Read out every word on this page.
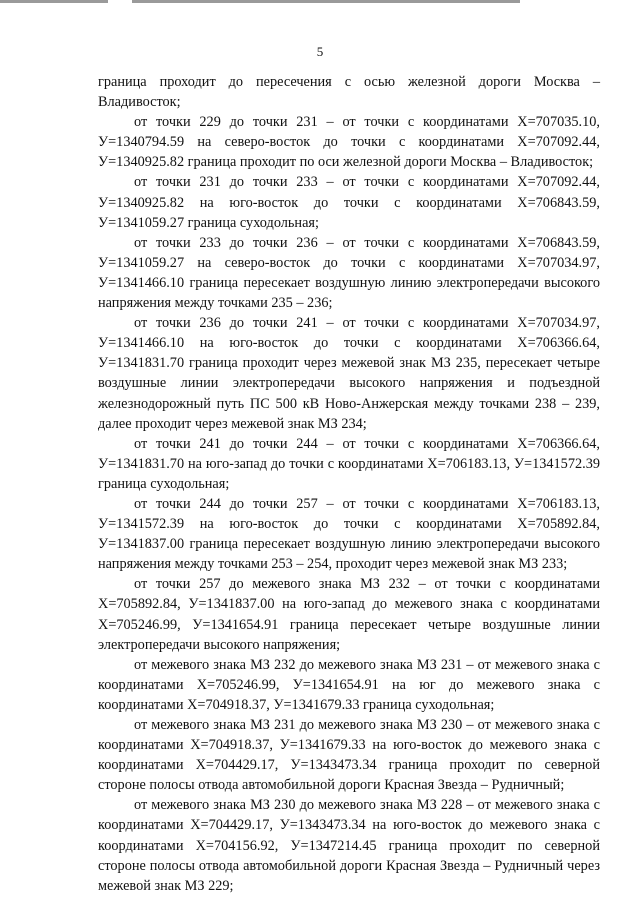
5

граница проходит до пересечения с осью железной дороги Москва – Владивосток;

от точки 229 до точки 231 – от точки с координатами Х=707035.10, У=1340794.59 на северо-восток до точки с координатами Х=707092.44, У=1340925.82 граница проходит по оси железной дороги Москва – Владивосток;

от точки 231 до точки 233 – от точки с координатами Х=707092.44, У=1340925.82 на юго-восток до точки с координатами Х=706843.59, У=1341059.27 граница суходольная;

от точки 233 до точки 236 – от точки с координатами Х=706843.59, У=1341059.27 на северо-восток до точки с координатами Х=707034.97, У=1341466.10 граница пересекает воздушную линию электропередачи высокого напряжения между точками 235 – 236;

от точки 236 до точки 241 – от точки с координатами Х=707034.97, У=1341466.10 на юго-восток до точки с координатами Х=706366.64, У=1341831.70 граница проходит через межевой знак МЗ 235, пересекает четыре воздушные линии электропередачи высокого напряжения и подъездной железнодорожный путь ПС 500 кВ Ново-Анжерская между точками 238 – 239, далее проходит через межевой знак МЗ 234;

от точки 241 до точки 244 – от точки с координатами Х=706366.64, У=1341831.70 на юго-запад до точки с координатами Х=706183.13, У=1341572.39 граница суходольная;

от точки 244 до точки 257 – от точки с координатами Х=706183.13, У=1341572.39 на юго-восток до точки с координатами Х=705892.84, У=1341837.00 граница пересекает воздушную линию электропередачи высокого напряжения между точками 253 – 254, проходит через межевой знак МЗ 233;

от точки 257 до межевого знака МЗ 232 – от точки с координатами Х=705892.84, У=1341837.00 на юго-запад до межевого знака с координатами Х=705246.99, У=1341654.91 граница пересекает четыре воздушные линии электропередачи высокого напряжения;

от межевого знака МЗ 232 до межевого знака МЗ 231 – от межевого знака с координатами Х=705246.99, У=1341654.91 на юг до межевого знака с координатами Х=704918.37, У=1341679.33 граница суходольная;

от межевого знака МЗ 231 до межевого знака МЗ 230 – от межевого знака с координатами Х=704918.37, У=1341679.33 на юго-восток до межевого знака с координатами Х=704429.17, У=1343473.34 граница проходит по северной стороне полосы отвода автомобильной дороги Красная Звезда – Рудничный;

от межевого знака МЗ 230 до межевого знака МЗ 228 – от межевого знака с координатами Х=704429.17, У=1343473.34 на юго-восток до межевого знака с координатами Х=704156.92, У=1347214.45 граница проходит по северной стороне полосы отвода автомобильной дороги Красная Звезда – Рудничный через межевой знак МЗ 229;
